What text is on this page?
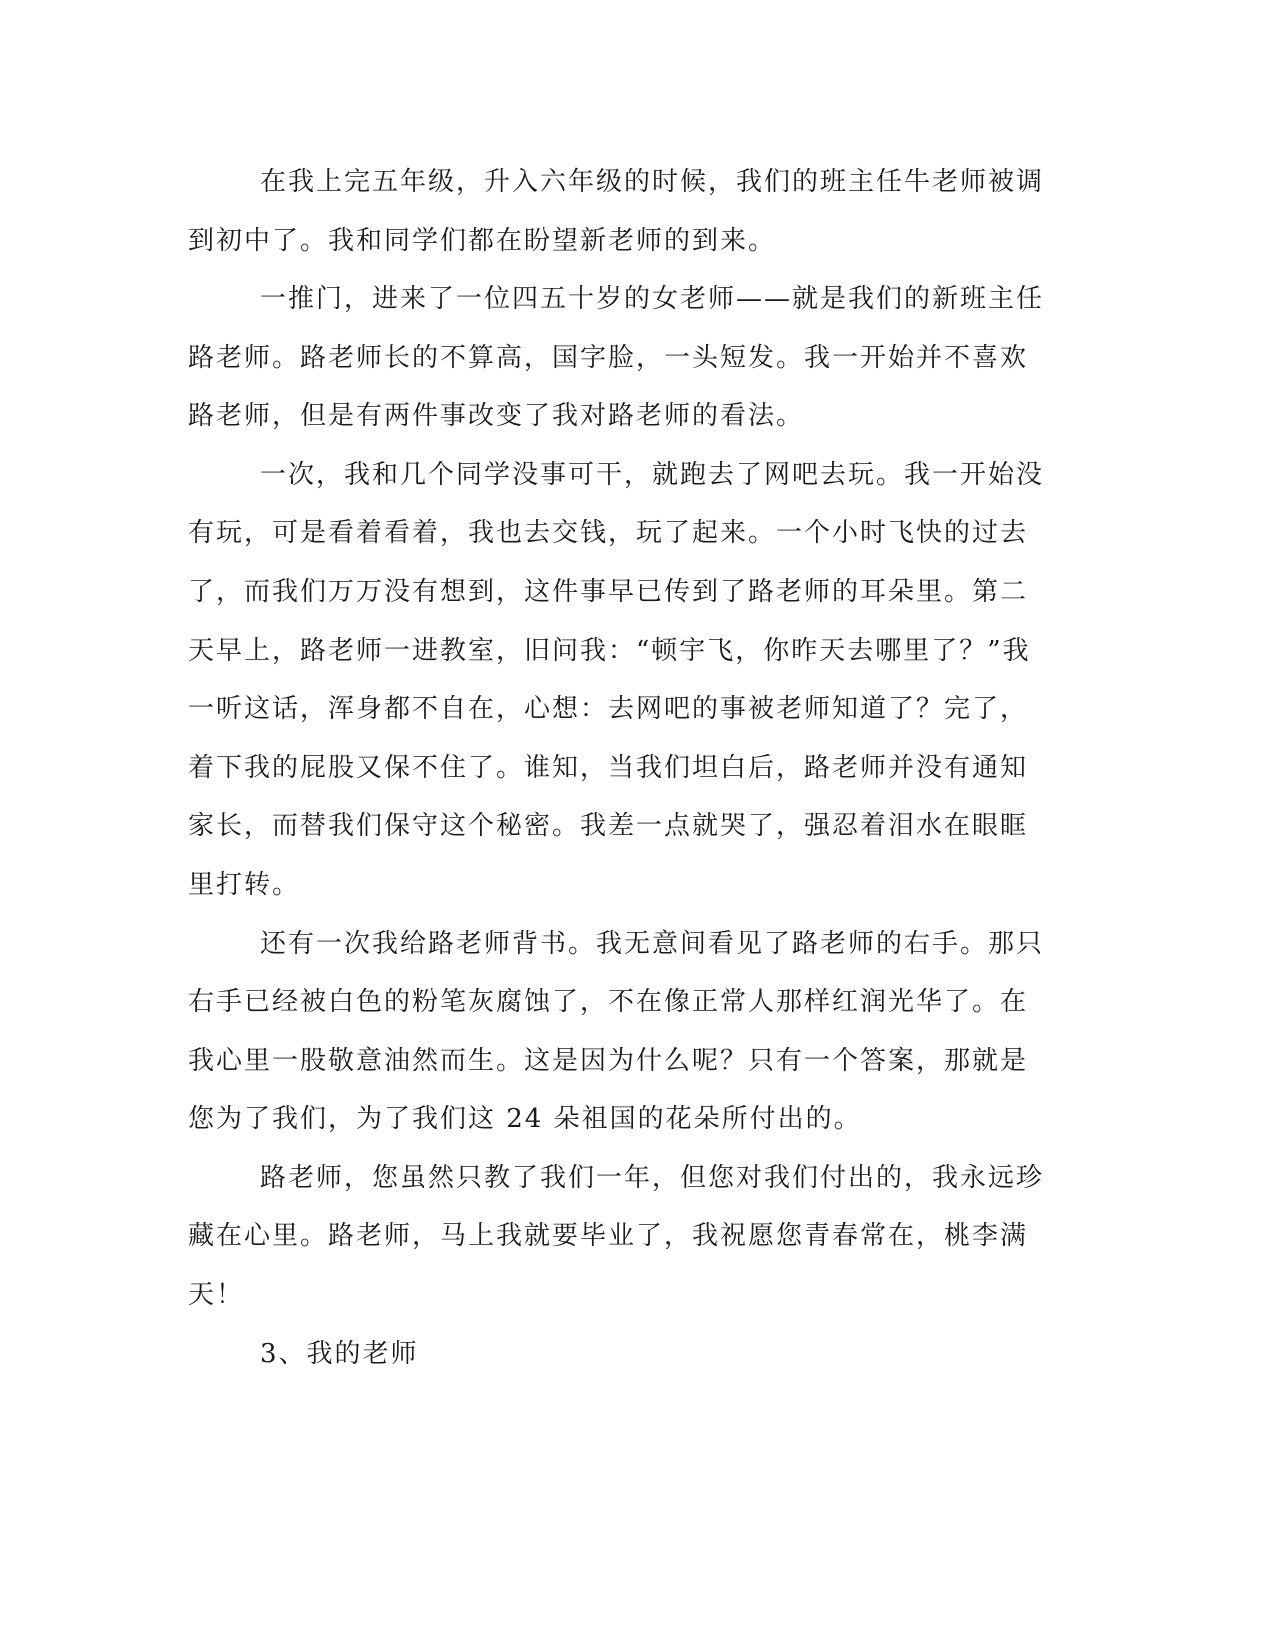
在我上完五年级，升入六年级的时候，我们的班主任牛老师被调
到初中了。我和同学们都在盼望新老师的到来。
一推门，进来了一位四五十岁的女老师——就是我们的新班主任
路老师。路老师长的不算高，国字脸，一头短发。我一开始并不喜欢
路老师，但是有两件事改变了我对路老师的看法。
一次，我和几个同学没事可干，就跑去了网吧去玩。我一开始没
有玩，可是看着看着，我也去交钱，玩了起来。一个小时飞快的过去
了，而我们万万没有想到，这件事早已传到了路老师的耳朵里。第二
天早上，路老师一进教室，旧问我：“顿宇飞，你昨天去哪里了？”我
一听这话，浑身都不自在，心想：去网吧的事被老师知道了？完了，
着下我的屁股又保不住了。谁知，当我们坦白后，路老师并没有通知
家长，而替我们保守这个秘密。我差一点就哭了，强忍着泪水在眼眶
里打转。
还有一次我给路老师背书。我无意间看见了路老师的右手。那只
右手已经被白色的粉笔灰腐蚀了，不在像正常人那样红润光华了。在
我心里一股敬意油然而生。这是因为什么呢？只有一个答案，那就是
您为了我们，为了我们这 24 朵祖国的花朵所付出的。
路老师，您虽然只教了我们一年，但您对我们付出的，我永远珍
藏在心里。路老师，马上我就要毕业了，我祝愿您青春常在，桃李满
天！
3、我的老师
